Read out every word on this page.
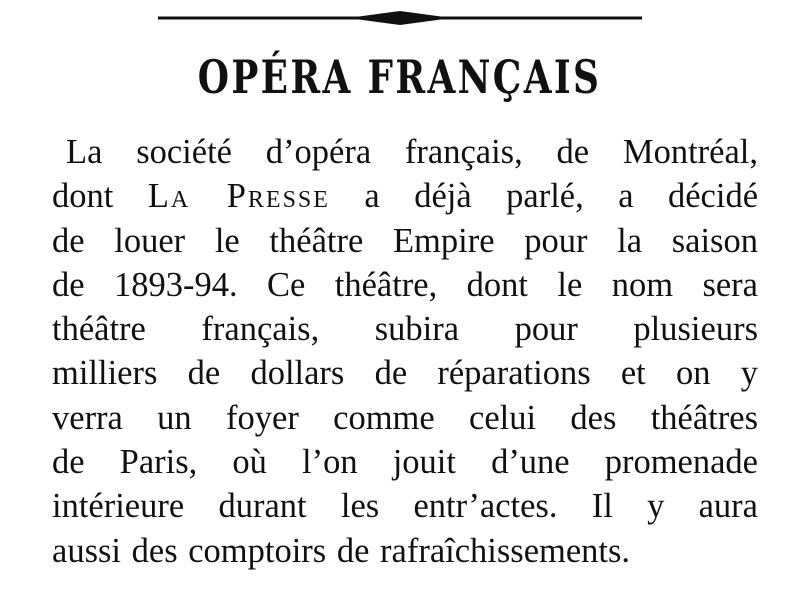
OPÉRA FRANÇAIS
La société d’opéra français, de Montréal,
dont La Presse a déjà parlé, a décidé
de louer le théâtre Empire pour la saison
de 1893-94. Ce théâtre, dont le nom sera
théâtre français, subira pour plusieurs
milliers de dollars de réparations et on y
verra un foyer comme celui des théâtres
de Paris, où l’on jouit d’une promenade
intérieure durant les entr’actes. Il y aura
aussi des comptoirs de rafraîchissements.
